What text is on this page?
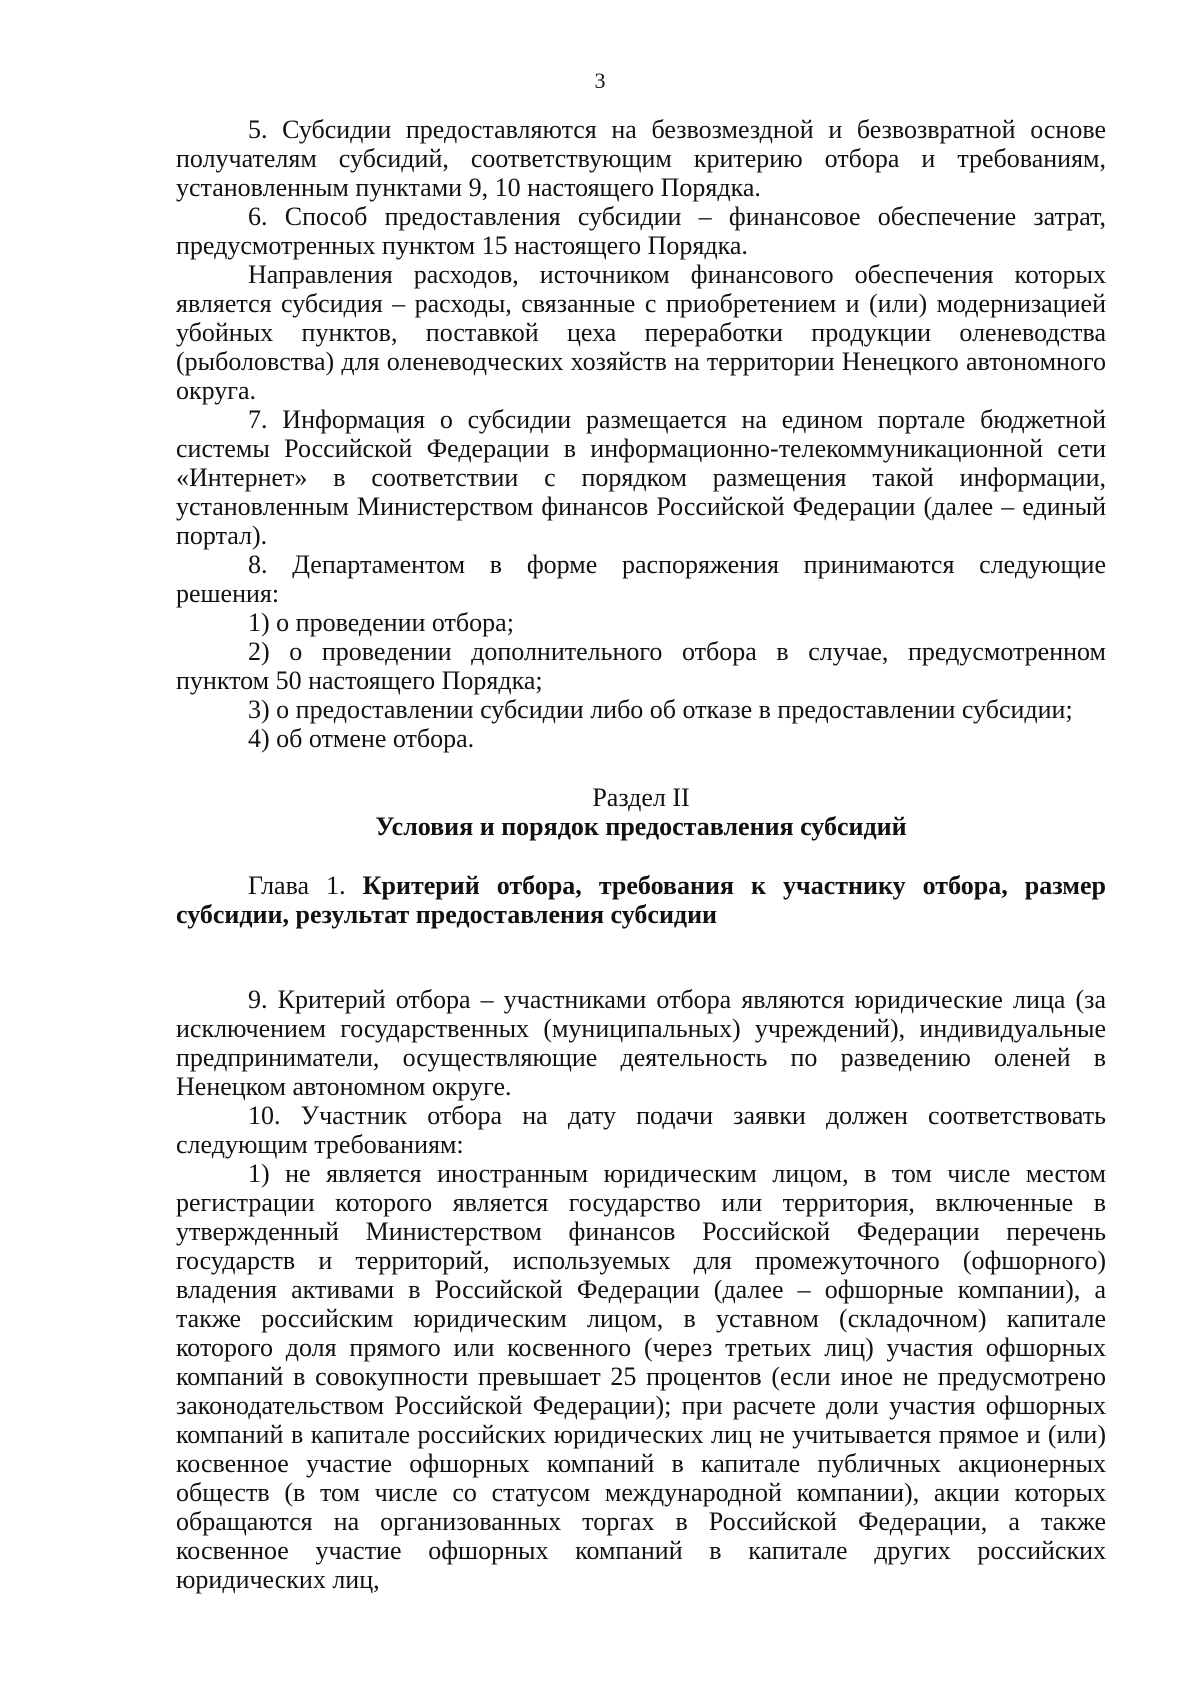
3

5. Субсидии предоставляются на безвозмездной и безвозвратной основе получателям субсидий, соответствующим критерию отбора и требованиям, установленным пунктами 9, 10 настоящего Порядка.

6. Способ предоставления субсидии – финансовое обеспечение затрат, предусмотренных пунктом 15 настоящего Порядка.

Направления расходов, источником финансового обеспечения которых является субсидия – расходы, связанные с приобретением и (или) модернизацией убойных пунктов, поставкой цеха переработки продукции оленеводства (рыболовства) для оленеводческих хозяйств на территории Ненецкого автономного округа.

7. Информация о субсидии размещается на едином портале бюджетной системы Российской Федерации в информационно-телекоммуникационной сети «Интернет» в соответствии с порядком размещения такой информации, установленным Министерством финансов Российской Федерации (далее – единый портал).

8. Департаментом в форме распоряжения принимаются следующие решения:

1) о проведении отбора;

2) о проведении дополнительного отбора в случае, предусмотренном пунктом 50 настоящего Порядка;

3) о предоставлении субсидии либо об отказе в предоставлении субсидии;

4) об отмене отбора.

Раздел II

Условия и порядок предоставления субсидий

Глава 1. Критерий отбора, требования к участнику отбора, размер субсидии, результат предоставления субсидии

9. Критерий отбора – участниками отбора являются юридические лица (за исключением государственных (муниципальных) учреждений), индивидуальные предприниматели, осуществляющие деятельность по разведению оленей в Ненецком автономном округе.

10. Участник отбора на дату подачи заявки должен соответствовать следующим требованиям:

1) не является иностранным юридическим лицом, в том числе местом регистрации которого является государство или территория, включенные в утвержденный Министерством финансов Российской Федерации перечень государств и территорий, используемых для промежуточного (офшорного) владения активами в Российской Федерации (далее – офшорные компании), а также российским юридическим лицом, в уставном (складочном) капитале которого доля прямого или косвенного (через третьих лиц) участия офшорных компаний в совокупности превышает 25 процентов (если иное не предусмотрено законодательством Российской Федерации); при расчете доли участия офшорных компаний в капитале российских юридических лиц не учитывается прямое и (или) косвенное участие офшорных компаний в капитале публичных акционерных обществ (в том числе со статусом международной компании), акции которых обращаются на организованных торгах в Российской Федерации, а также косвенное участие офшорных компаний в капитале других российских юридических лиц,
